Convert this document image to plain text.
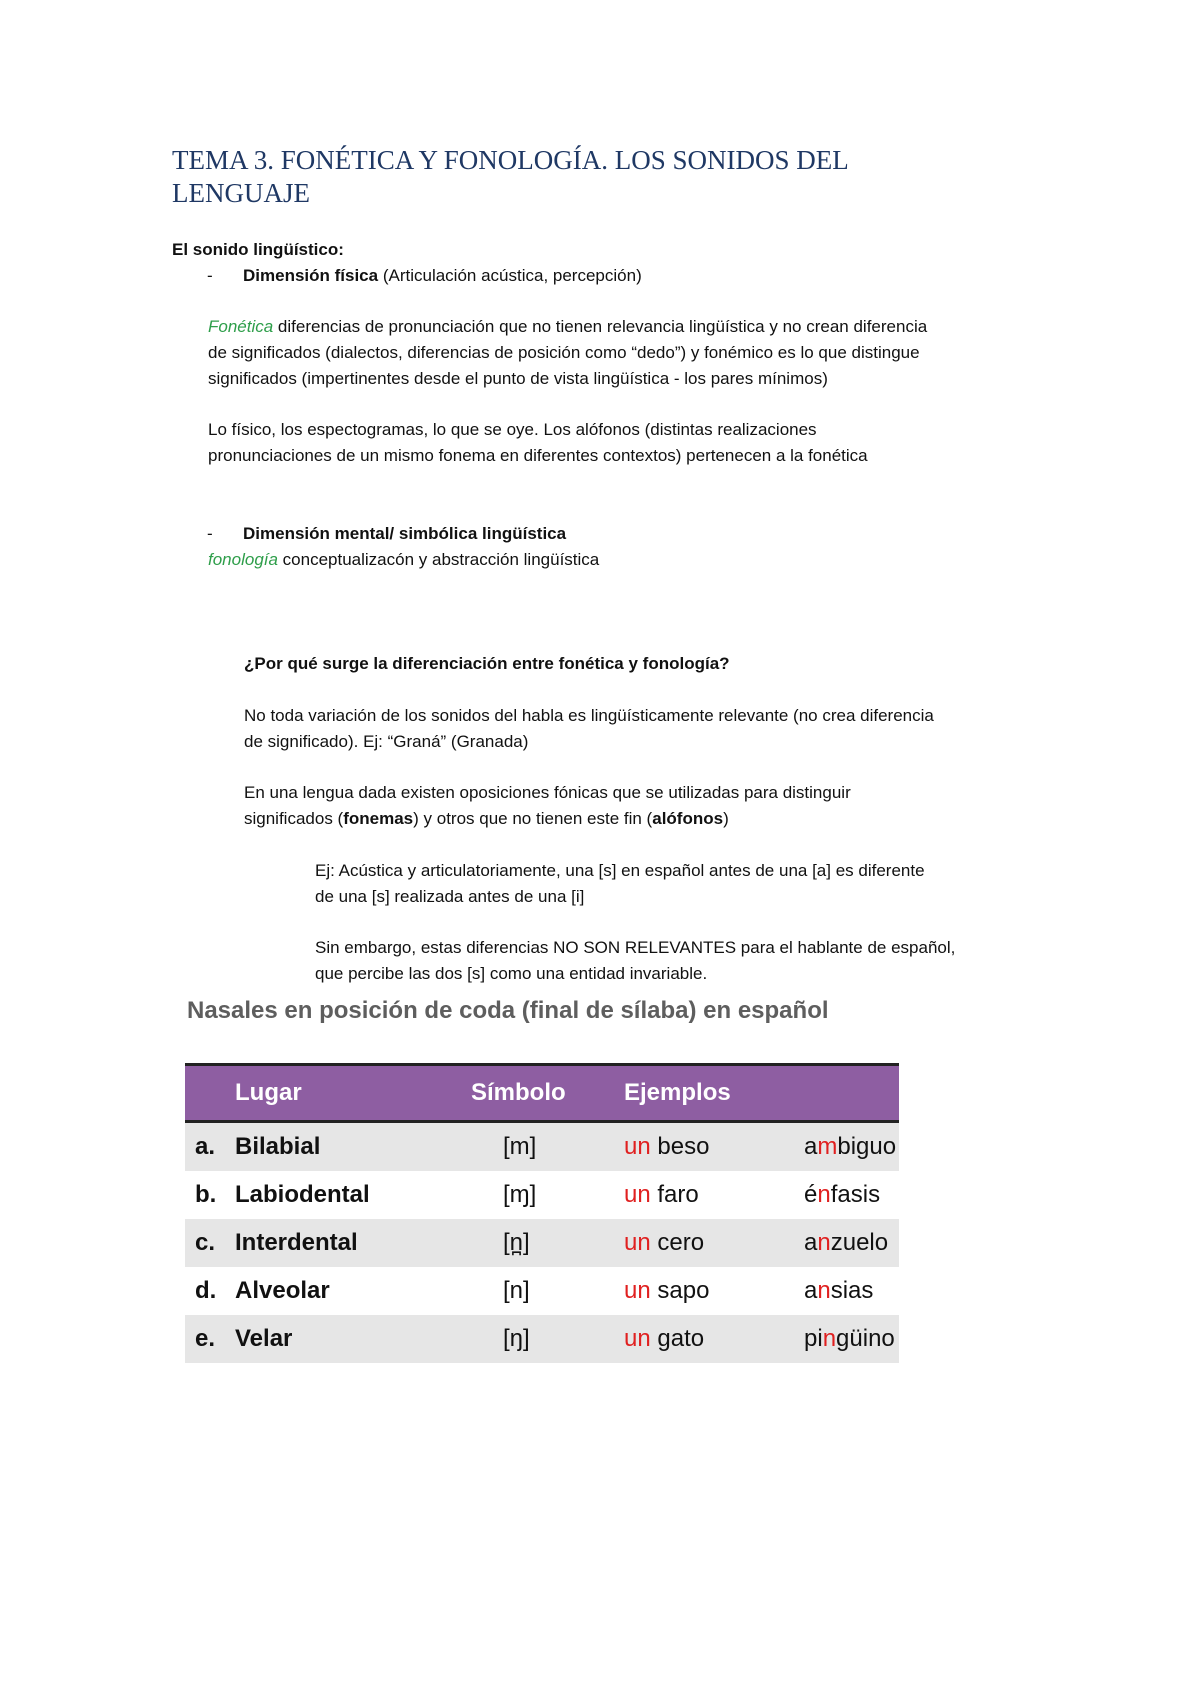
TEMA 3. FONÉTICA Y FONOLOGÍA. LOS SONIDOS DEL LENGUAJE
El sonido lingüístico:
- Dimensión física (Articulación acústica, percepción)
Fonética diferencias de pronunciación que no tienen relevancia lingüística y no crean diferencia
de significados (dialectos, diferencias de posición como “dedo”) y fonémico es lo que distingue
significados (impertinentes desde el punto de vista lingüística - los pares mínimos)
Lo físico, los espectogramas, lo que se oye. Los alófonos (distintas realizaciones
pronunciaciones de un mismo fonema en diferentes contextos) pertenecen a la fonética
- Dimensión mental/ simbólica lingüística
fonología conceptualizacón y abstracción lingüística
¿Por qué surge la diferenciación entre fonética y fonología?
No toda variación de los sonidos del habla es lingüísticamente relevante (no crea diferencia
de significado). Ej: “Graná” (Granada)
En una lengua dada existen oposiciones fónicas que se utilizadas para distinguir
significados (fonemas) y otros que no tienen este fin (alófonos)
Ej: Acústica y articulatoriamente, una [s] en español antes de una [a] es diferente
de una [s] realizada antes de una [i]
Sin embargo, estas diferencias NO SON RELEVANTES para el hablante de español,
que percibe las dos [s] como una entidad invariable.
Nasales en posición de coda (final de sílaba) en español
Lugar	Símbolo	Ejemplos	
a. Bilabial	[m]	un beso	ambiguo
b. Labiodental	[ɱ]	un faro	énfasis
c. Interdental	[n̪]	un cero	anzuelo
d. Alveolar	[n]	un sapo	ansias
e. Velar	[ŋ]	un gato	pingüino
